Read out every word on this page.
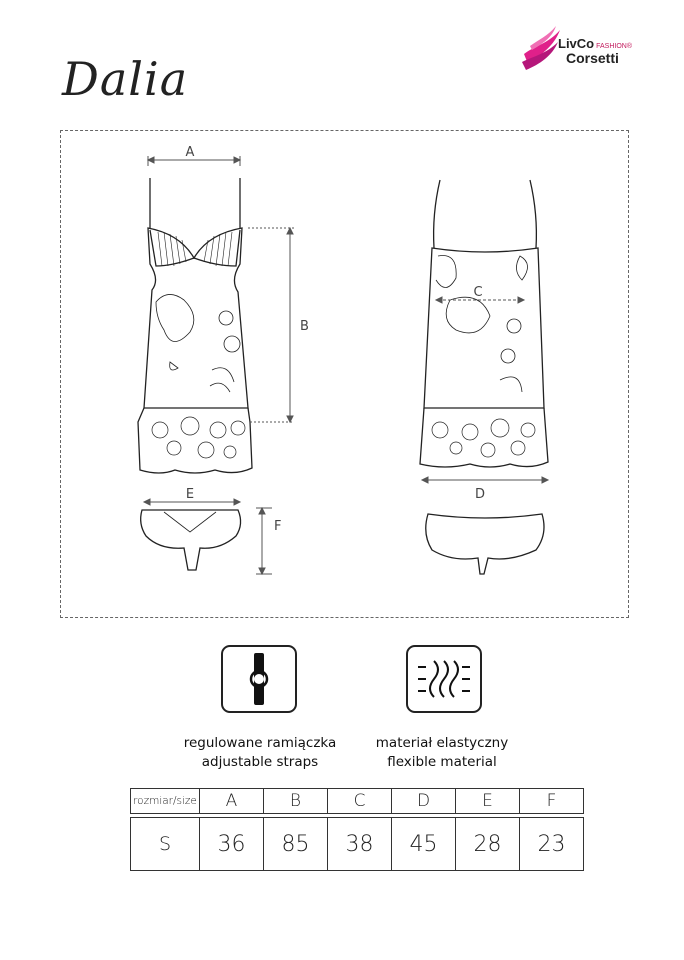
Dalia
LivCo FASHION®
Corsetti
A
B
C
D
E
F
regulowane ramiączka
adjustable straps
materiał elastyczny
flexible material
rozmiar/size	A	B	C	D	E	F
S	36	85	38	45	28	23
